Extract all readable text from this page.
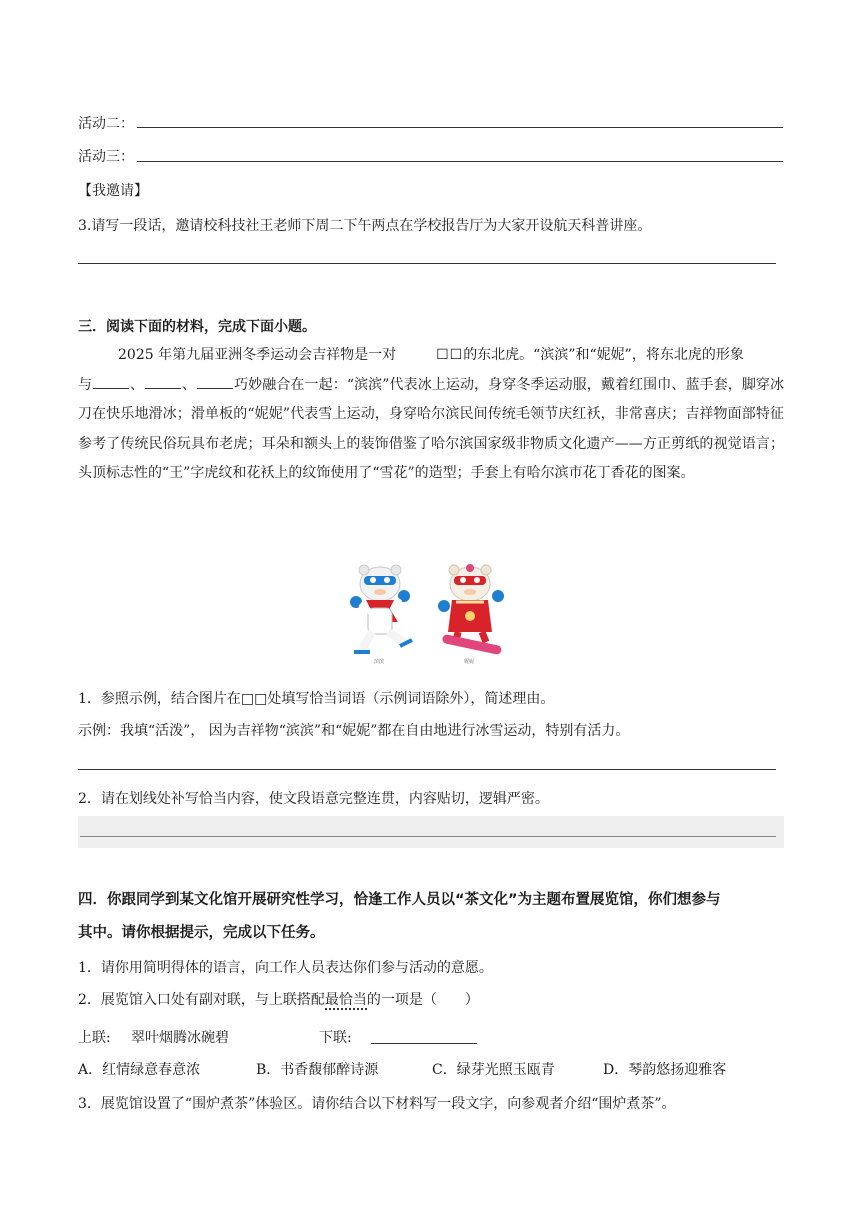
活动二：
活动三：
【我邀请】
3.请写一段话，邀请校科技社王老师下周二下午两点在学校报告厅为大家开设航天科普讲座。
三．阅读下面的材料，完成下面小题。
2025 年第九届亚洲冬季运动会吉祥物是一对	☐☐的东北虎。“滨滨”和“妮妮”，将东北虎的形象
与	、	、	巧妙融合在一起：“滨滨”代表冰上运动，身穿冬季运动服，戴着红围巾、蓝手套，脚穿冰刀在快乐地滑冰；滑单板的“妮妮”代表雪上运动，身穿哈尔滨民间传统毛领节庆红袄，非常喜庆；吉祥物面部特征参考了传统民俗玩具布老虎；耳朵和额头上的装饰借鉴了哈尔滨国家级非物质文化遗产——方正剪纸的视觉语言；头顶标志性的“王”字虎纹和花袄上的纹饰使用了“雪花”的造型；手套上有哈尔滨市花丁香花的图案。
滨滨	妮妮
1．参照示例，结合图片在□□处填写恰当词语（示例词语除外），简述理由。
示例：我填“活泼”， 因为吉祥物“滨滨”和“妮妮”都在自由地进行冰雪运动，特别有活力。
2．请在划线处补写恰当内容，使文段语意完整连贯，内容贴切，逻辑严密。
四．你跟同学到某文化馆开展研究性学习，恰逢工作人员以“茶文化”为主题布置展览馆，你们想参与
其中。请你根据提示，完成以下任务。
1．请你用简明得体的语言，向工作人员表达你们参与活动的意愿。
2．展览馆入口处有副对联，与上联搭配最恰当的一项是（　　）
上联: 翠叶烟腾冰碗碧	下联:
A．红情绿意春意浓	B．书香馥郁醉诗源	C．绿芽光照玉瓯青	D．琴韵悠扬迎雅客
3．展览馆设置了“围炉煮茶”体验区。请你结合以下材料写一段文字，向参观者介绍“围炉煮茶”。
